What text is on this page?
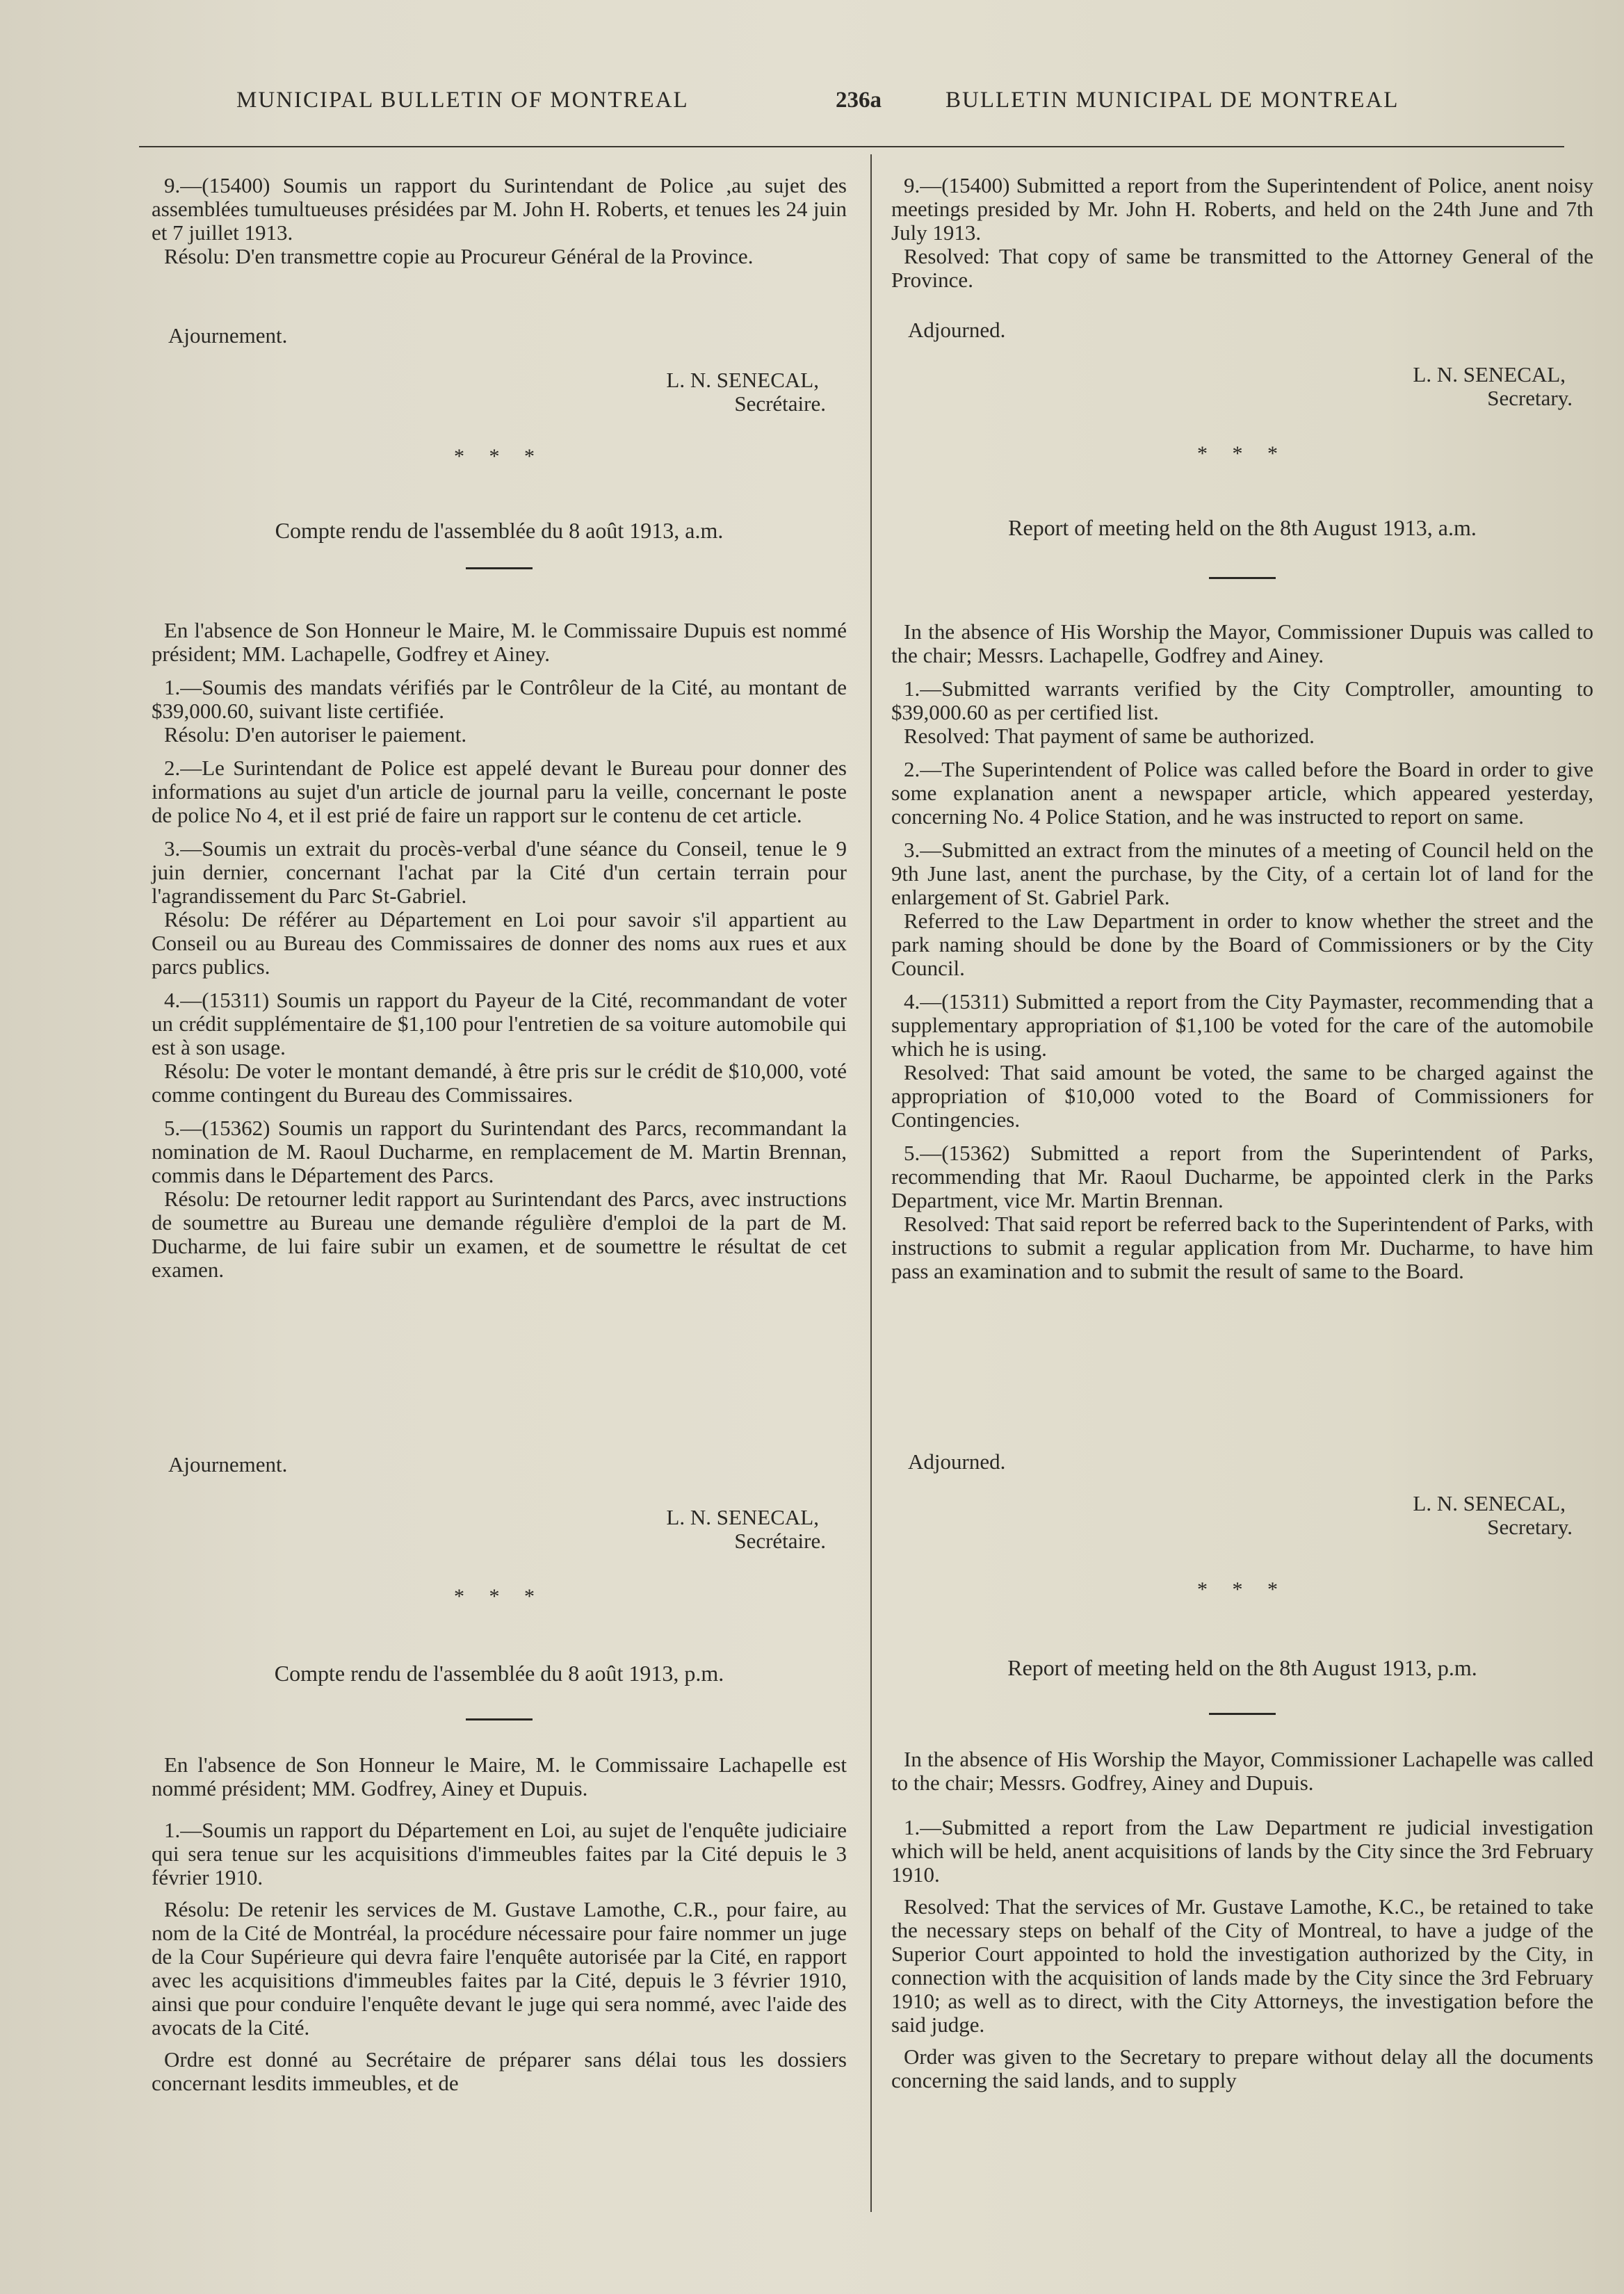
MUNICIPAL BULLETIN OF MONTREAL	236a	BULLETIN MUNICIPAL DE MONTREAL

9.—(15400) Soumis un rapport du Surintendant de Police ,au sujet des assemblées tumultueuses présidées par M. John H. Roberts, et tenues les 24 juin et 7 juillet 1913.

Résolu: D'en transmettre copie au Procureur Général de la Province.

Ajournement.

L. N. SENECAL,
Secrétaire.

* * *

Compte rendu de l'assemblée du 8 août 1913, a.m.

En l'absence de Son Honneur le Maire, M. le Commissaire Dupuis est nommé président; MM. Lachapelle, Godfrey et Ainey.

1.—Soumis des mandats vérifiés par le Contrôleur de la Cité, au montant de $39,000.60, suivant liste certifiée.

Résolu: D'en autoriser le paiement.

2.—Le Surintendant de Police est appelé devant le Bureau pour donner des informations au sujet d'un article de journal paru la veille, concernant le poste de police No 4, et il est prié de faire un rapport sur le contenu de cet article.

3.—Soumis un extrait du procès-verbal d'une séance du Conseil, tenue le 9 juin dernier, concernant l'achat par la Cité d'un certain terrain pour l'agrandissement du Parc St-Gabriel.

Résolu: De référer au Département en Loi pour savoir s'il appartient au Conseil ou au Bureau des Commissaires de donner des noms aux rues et aux parcs publics.

4.—(15311) Soumis un rapport du Payeur de la Cité, recommandant de voter un crédit supplémentaire de $1,100 pour l'entretien de sa voiture automobile qui est à son usage.

Résolu: De voter le montant demandé, à être pris sur le crédit de $10,000, voté comme contingent du Bureau des Commissaires.

5.—(15362) Soumis un rapport du Surintendant des Parcs, recommandant la nomination de M. Raoul Ducharme, en remplacement de M. Martin Brennan, commis dans le Département des Parcs.

Résolu: De retourner ledit rapport au Surintendant des Parcs, avec instructions de soumettre au Bureau une demande régulière d'emploi de la part de M. Ducharme, de lui faire subir un examen, et de soumettre le résultat de cet examen.

Ajournement.

L. N. SENECAL,
Secrétaire.

* * *

Compte rendu de l'assemblée du 8 août 1913, p.m.

En l'absence de Son Honneur le Maire, M. le Commissaire Lachapelle est nommé président; MM. Godfrey, Ainey et Dupuis.

1.—Soumis un rapport du Département en Loi, au sujet de l'enquête judiciaire qui sera tenue sur les acquisitions d'immeubles faites par la Cité depuis le 3 février 1910.

Résolu: De retenir les services de M. Gustave Lamothe, C.R., pour faire, au nom de la Cité de Montréal, la procédure nécessaire pour faire nommer un juge de la Cour Supérieure qui devra faire l'enquête autorisée par la Cité, en rapport avec les acquisitions d'immeubles faites par la Cité, depuis le 3 février 1910, ainsi que pour conduire l'enquête devant le juge qui sera nommé, avec l'aide des avocats de la Cité.

Ordre est donné au Secrétaire de préparer sans délai tous les dossiers concernant lesdits immeubles, et de

9.—(15400) Submitted a report from the Superintendent of Police, anent noisy meetings presided by Mr. John H. Roberts, and held on the 24th June and 7th July 1913.

Resolved: That copy of same be transmitted to the Attorney General of the Province.

Adjourned.

L. N. SENECAL,
Secretary.

* * *

Report of meeting held on the 8th August 1913, a.m.

In the absence of His Worship the Mayor, Commissioner Dupuis was called to the chair; Messrs. Lachapelle, Godfrey and Ainey.

1.—Submitted warrants verified by the City Comptroller, amounting to $39,000.60 as per certified list.

Resolved: That payment of same be authorized.

2.—The Superintendent of Police was called before the Board in order to give some explanation anent a newspaper article, which appeared yesterday, concerning No. 4 Police Station, and he was instructed to report on same.

3.—Submitted an extract from the minutes of a meeting of Council held on the 9th June last, anent the purchase, by the City, of a certain lot of land for the enlargement of St. Gabriel Park.

Referred to the Law Department in order to know whether the street and the park naming should be done by the Board of Commissioners or by the City Council.

4.—(15311) Submitted a report from the City Paymaster, recommending that a supplementary appropriation of $1,100 be voted for the care of the automobile which he is using.

Resolved: That said amount be voted, the same to be charged against the appropriation of $10,000 voted to the Board of Commissioners for Contingencies.

5.—(15362) Submitted a report from the Superintendent of Parks, recommending that Mr. Raoul Ducharme, be appointed clerk in the Parks Department, vice Mr. Martin Brennan.

Resolved: That said report be referred back to the Superintendent of Parks, with instructions to submit a regular application from Mr. Ducharme, to have him pass an examination and to submit the result of same to the Board.

Adjourned.

L. N. SENECAL,
Secretary.

* * *

Report of meeting held on the 8th August 1913, p.m.

In the absence of His Worship the Mayor, Commissioner Lachapelle was called to the chair; Messrs. Godfrey, Ainey and Dupuis.

1.—Submitted a report from the Law Department re judicial investigation which will be held, anent acquisitions of lands by the City since the 3rd February 1910.

Resolved: That the services of Mr. Gustave Lamothe, K.C., be retained to take the necessary steps on behalf of the City of Montreal, to have a judge of the Superior Court appointed to hold the investigation authorized by the City, in connection with the acquisition of lands made by the City since the 3rd February 1910; as well as to direct, with the City Attorneys, the investigation before the said judge.

Order was given to the Secretary to prepare without delay all the documents concerning the said lands, and to supply
